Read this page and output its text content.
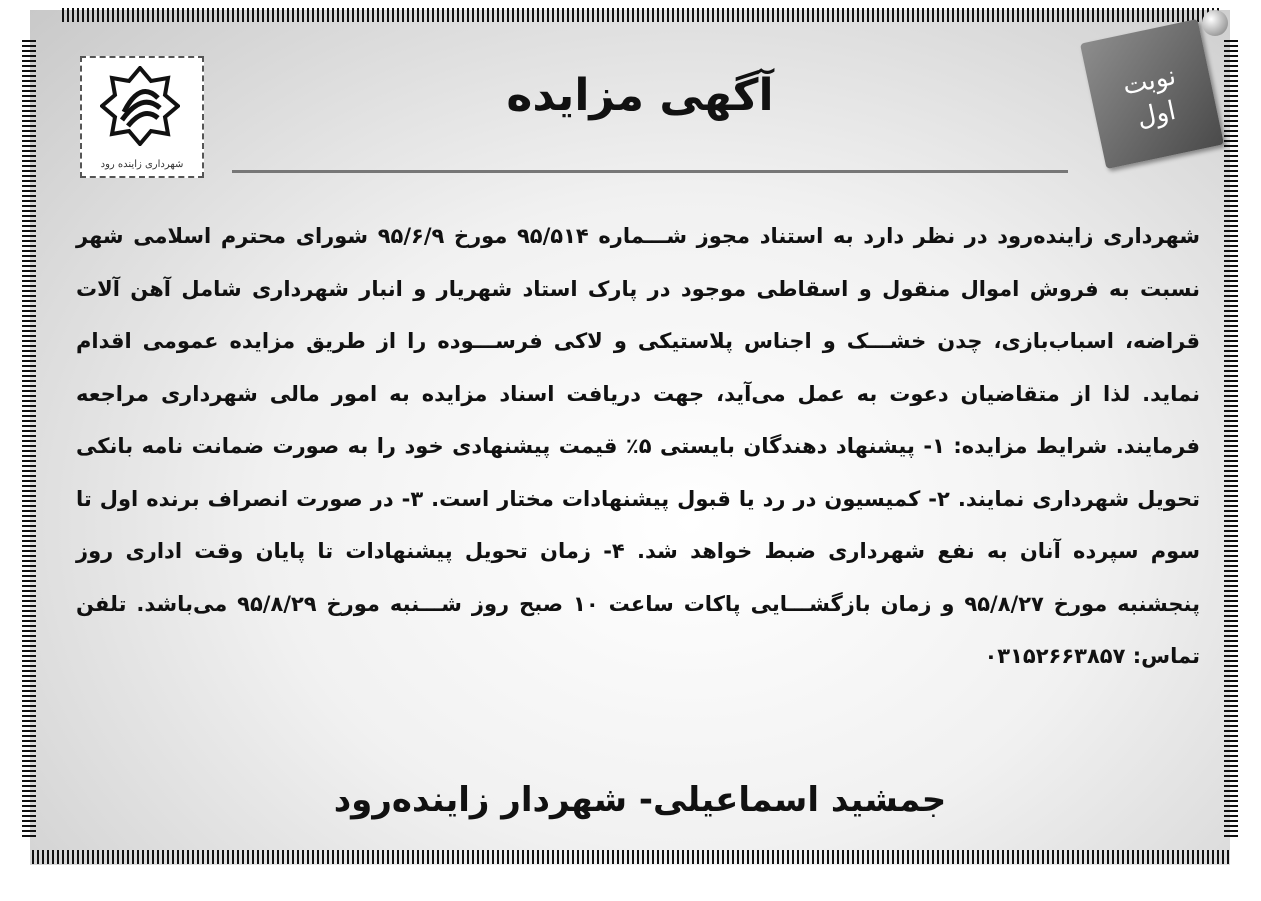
شهرداری زاینده رود
آگهی مزایده	نوبت
اول
شهرداری زاینده‌رود در نظر دارد به استناد مجوز شـــماره ۹۵/۵۱۴ مورخ ۹۵/۶/۹ شورای محترم اسلامی شهر نسبت به فروش اموال منقول و اسقاطی موجود در پارک استاد شهریار و انبار شهرداری شامل آهن آلات قراضه، اسباب‌بازی، چدن خشـــک و اجناس پلاستیکی و لاکی فرســـوده را از طریق مزایده عمومی اقدام نماید. لذا از متقاضیان دعوت به عمل می‌آید، جهت دریافت اسناد مزایده به امور مالی شهرداری مراجعه فرمایند. شرایط مزایده: ۱- پیشنهاد دهندگان بایستی ۵٪ قیمت پیشنهادی خود را به صورت ضمانت نامه بانکی تحویل شهرداری نمایند. ۲- کمیسیون در رد یا قبول پیشنهادات مختار است. ۳- در صورت انصراف برنده اول تا سوم سپرده آنان به نفع شهرداری ضبط خواهد شد. ۴- زمان تحویل پیشنهادات تا پایان وقت اداری روز پنجشنبه مورخ ۹۵/۸/۲۷ و زمان بازگشـــایی پاکات ساعت ۱۰ صبح روز شـــنبه مورخ ۹۵/۸/۲۹ می‌باشد. تلفن تماس: ۰۳۱۵۲۶۶۳۸۵۷
جمشید اسماعیلی- شهردار زاینده‌رود
